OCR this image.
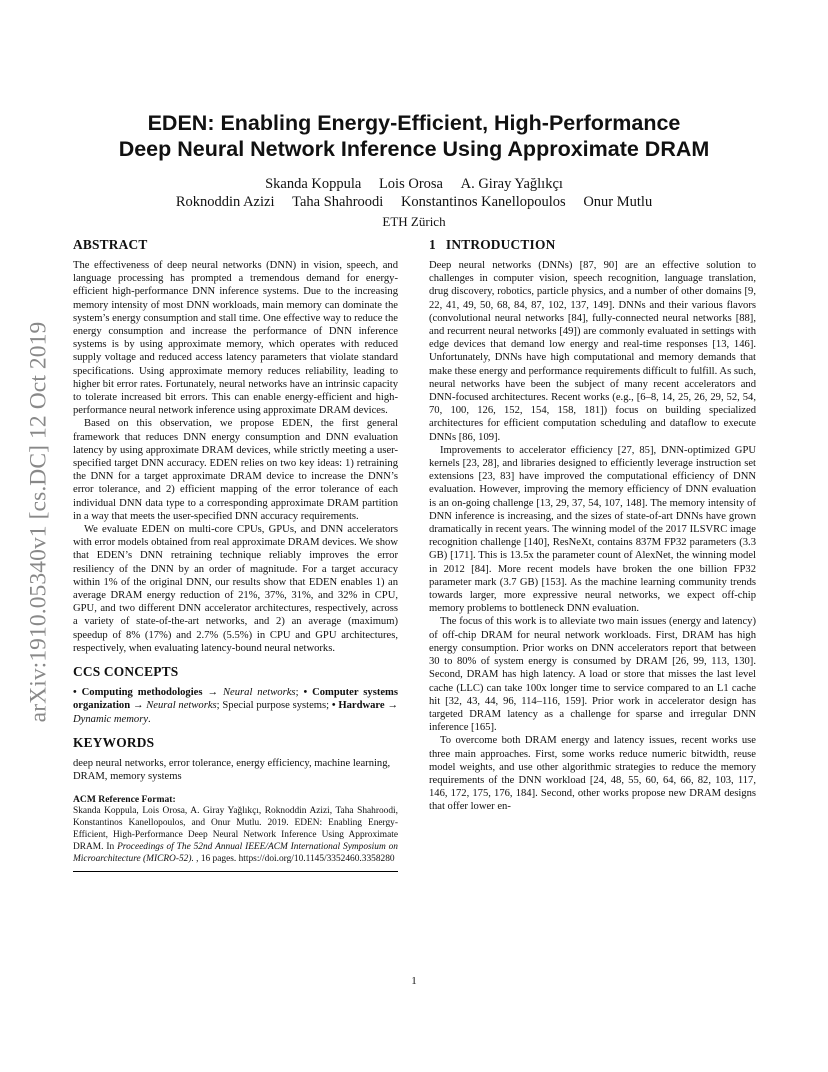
arXiv:1910.05340v1 [cs.DC] 12 Oct 2019
EDEN: Enabling Energy-Efficient, High-Performance
Deep Neural Network Inference Using Approximate DRAM
Skanda Koppula Lois Orosa A. Giray Yağlıkçı
Roknoddin Azizi Taha Shahroodi Konstantinos Kanellopoulos Onur Mutlu
ETH Zürich
ABSTRACT

The effectiveness of deep neural networks (DNN) in vision, speech, and language processing has prompted a tremendous demand for energy-efficient high-performance DNN inference systems. Due to the increasing memory intensity of most DNN workloads, main memory can dominate the system’s energy consumption and stall time. One effective way to reduce the energy consumption and increase the performance of DNN inference systems is by using approximate memory, which operates with reduced supply voltage and reduced access latency parameters that violate standard specifications. Using approximate memory reduces reliability, leading to higher bit error rates. Fortunately, neural networks have an intrinsic capacity to tolerate increased bit errors. This can enable energy-efficient and high-performance neural network inference using approximate DRAM devices.

Based on this observation, we propose EDEN, the first general framework that reduces DNN energy consumption and DNN evaluation latency by using approximate DRAM devices, while strictly meeting a user-specified target DNN accuracy. EDEN relies on two key ideas: 1) retraining the DNN for a target approximate DRAM device to increase the DNN’s error tolerance, and 2) efficient mapping of the error tolerance of each individual DNN data type to a corresponding approximate DRAM partition in a way that meets the user-specified DNN accuracy requirements.

We evaluate EDEN on multi-core CPUs, GPUs, and DNN accelerators with error models obtained from real approximate DRAM devices. We show that EDEN’s DNN retraining technique reliably improves the error resiliency of the DNN by an order of magnitude. For a target accuracy within 1% of the original DNN, our results show that EDEN enables 1) an average DRAM energy reduction of 21%, 37%, 31%, and 32% in CPU, GPU, and two different DNN accelerator architectures, respectively, across a variety of state-of-the-art networks, and 2) an average (maximum) speedup of 8% (17%) and 2.7% (5.5%) in CPU and GPU architectures, respectively, when evaluating latency-bound neural networks.

CCS CONCEPTS

• Computing methodologies → Neural networks; • Computer systems organization → Neural networks; Special purpose systems; • Hardware → Dynamic memory.

KEYWORDS

deep neural networks, error tolerance, energy efficiency, machine learning, DRAM, memory systems

ACM Reference Format:

Skanda Koppula, Lois Orosa, A. Giray Yağlıkçı, Roknoddin Azizi, Taha Shahroodi, Konstantinos Kanellopoulos, and Onur Mutlu. 2019. EDEN: Enabling Energy-Efficient, High-Performance Deep Neural Network Inference Using Approximate DRAM. In Proceedings of The 52nd Annual IEEE/ACM International Symposium on Microarchitecture (MICRO-52). , 16 pages. https://doi.org/10.1145/3352460.3358280

1 INTRODUCTION

Deep neural networks (DNNs) [87, 90] are an effective solution to challenges in computer vision, speech recognition, language translation, drug discovery, robotics, particle physics, and a number of other domains [9, 22, 41, 49, 50, 68, 84, 87, 102, 137, 149]. DNNs and their various flavors (convolutional neural networks [84], fully-connected neural networks [88], and recurrent neural networks [49]) are commonly evaluated in settings with edge devices that demand low energy and real-time responses [13, 146]. Unfortunately, DNNs have high computational and memory demands that make these energy and performance requirements difficult to fulfill. As such, neural networks have been the subject of many recent accelerators and DNN-focused architectures. Recent works (e.g., [6–8, 14, 25, 26, 29, 52, 54, 70, 100, 126, 152, 154, 158, 181]) focus on building specialized architectures for efficient computation scheduling and dataflow to execute DNNs [86, 109].

Improvements to accelerator efficiency [27, 85], DNN-optimized GPU kernels [23, 28], and libraries designed to efficiently leverage instruction set extensions [23, 83] have improved the computational efficiency of DNN evaluation. However, improving the memory efficiency of DNN evaluation is an on-going challenge [13, 29, 37, 54, 107, 148]. The memory intensity of DNN inference is increasing, and the sizes of state-of-art DNNs have grown dramatically in recent years. The winning model of the 2017 ILSVRC image recognition challenge [140], ResNeXt, contains 837M FP32 parameters (3.3 GB) [171]. This is 13.5x the parameter count of AlexNet, the winning model in 2012 [84]. More recent models have broken the one billion FP32 parameter mark (3.7 GB) [153]. As the machine learning community trends towards larger, more expressive neural networks, we expect off-chip memory problems to bottleneck DNN evaluation.

The focus of this work is to alleviate two main issues (energy and latency) of off-chip DRAM for neural network workloads. First, DRAM has high energy consumption. Prior works on DNN accelerators report that between 30 to 80% of system energy is consumed by DRAM [26, 99, 113, 130]. Second, DRAM has high latency. A load or store that misses the last level cache (LLC) can take 100x longer time to service compared to an L1 cache hit [32, 43, 44, 96, 114–116, 159]. Prior work in accelerator design has targeted DRAM latency as a challenge for sparse and irregular DNN inference [165].

To overcome both DRAM energy and latency issues, recent works use three main approaches. First, some works reduce numeric bitwidth, reuse model weights, and use other algorithmic strategies to reduce the memory requirements of the DNN workload [24, 48, 55, 60, 64, 66, 82, 103, 117, 146, 172, 175, 176, 184]. Second, other works propose new DRAM designs that offer lower en-

1
